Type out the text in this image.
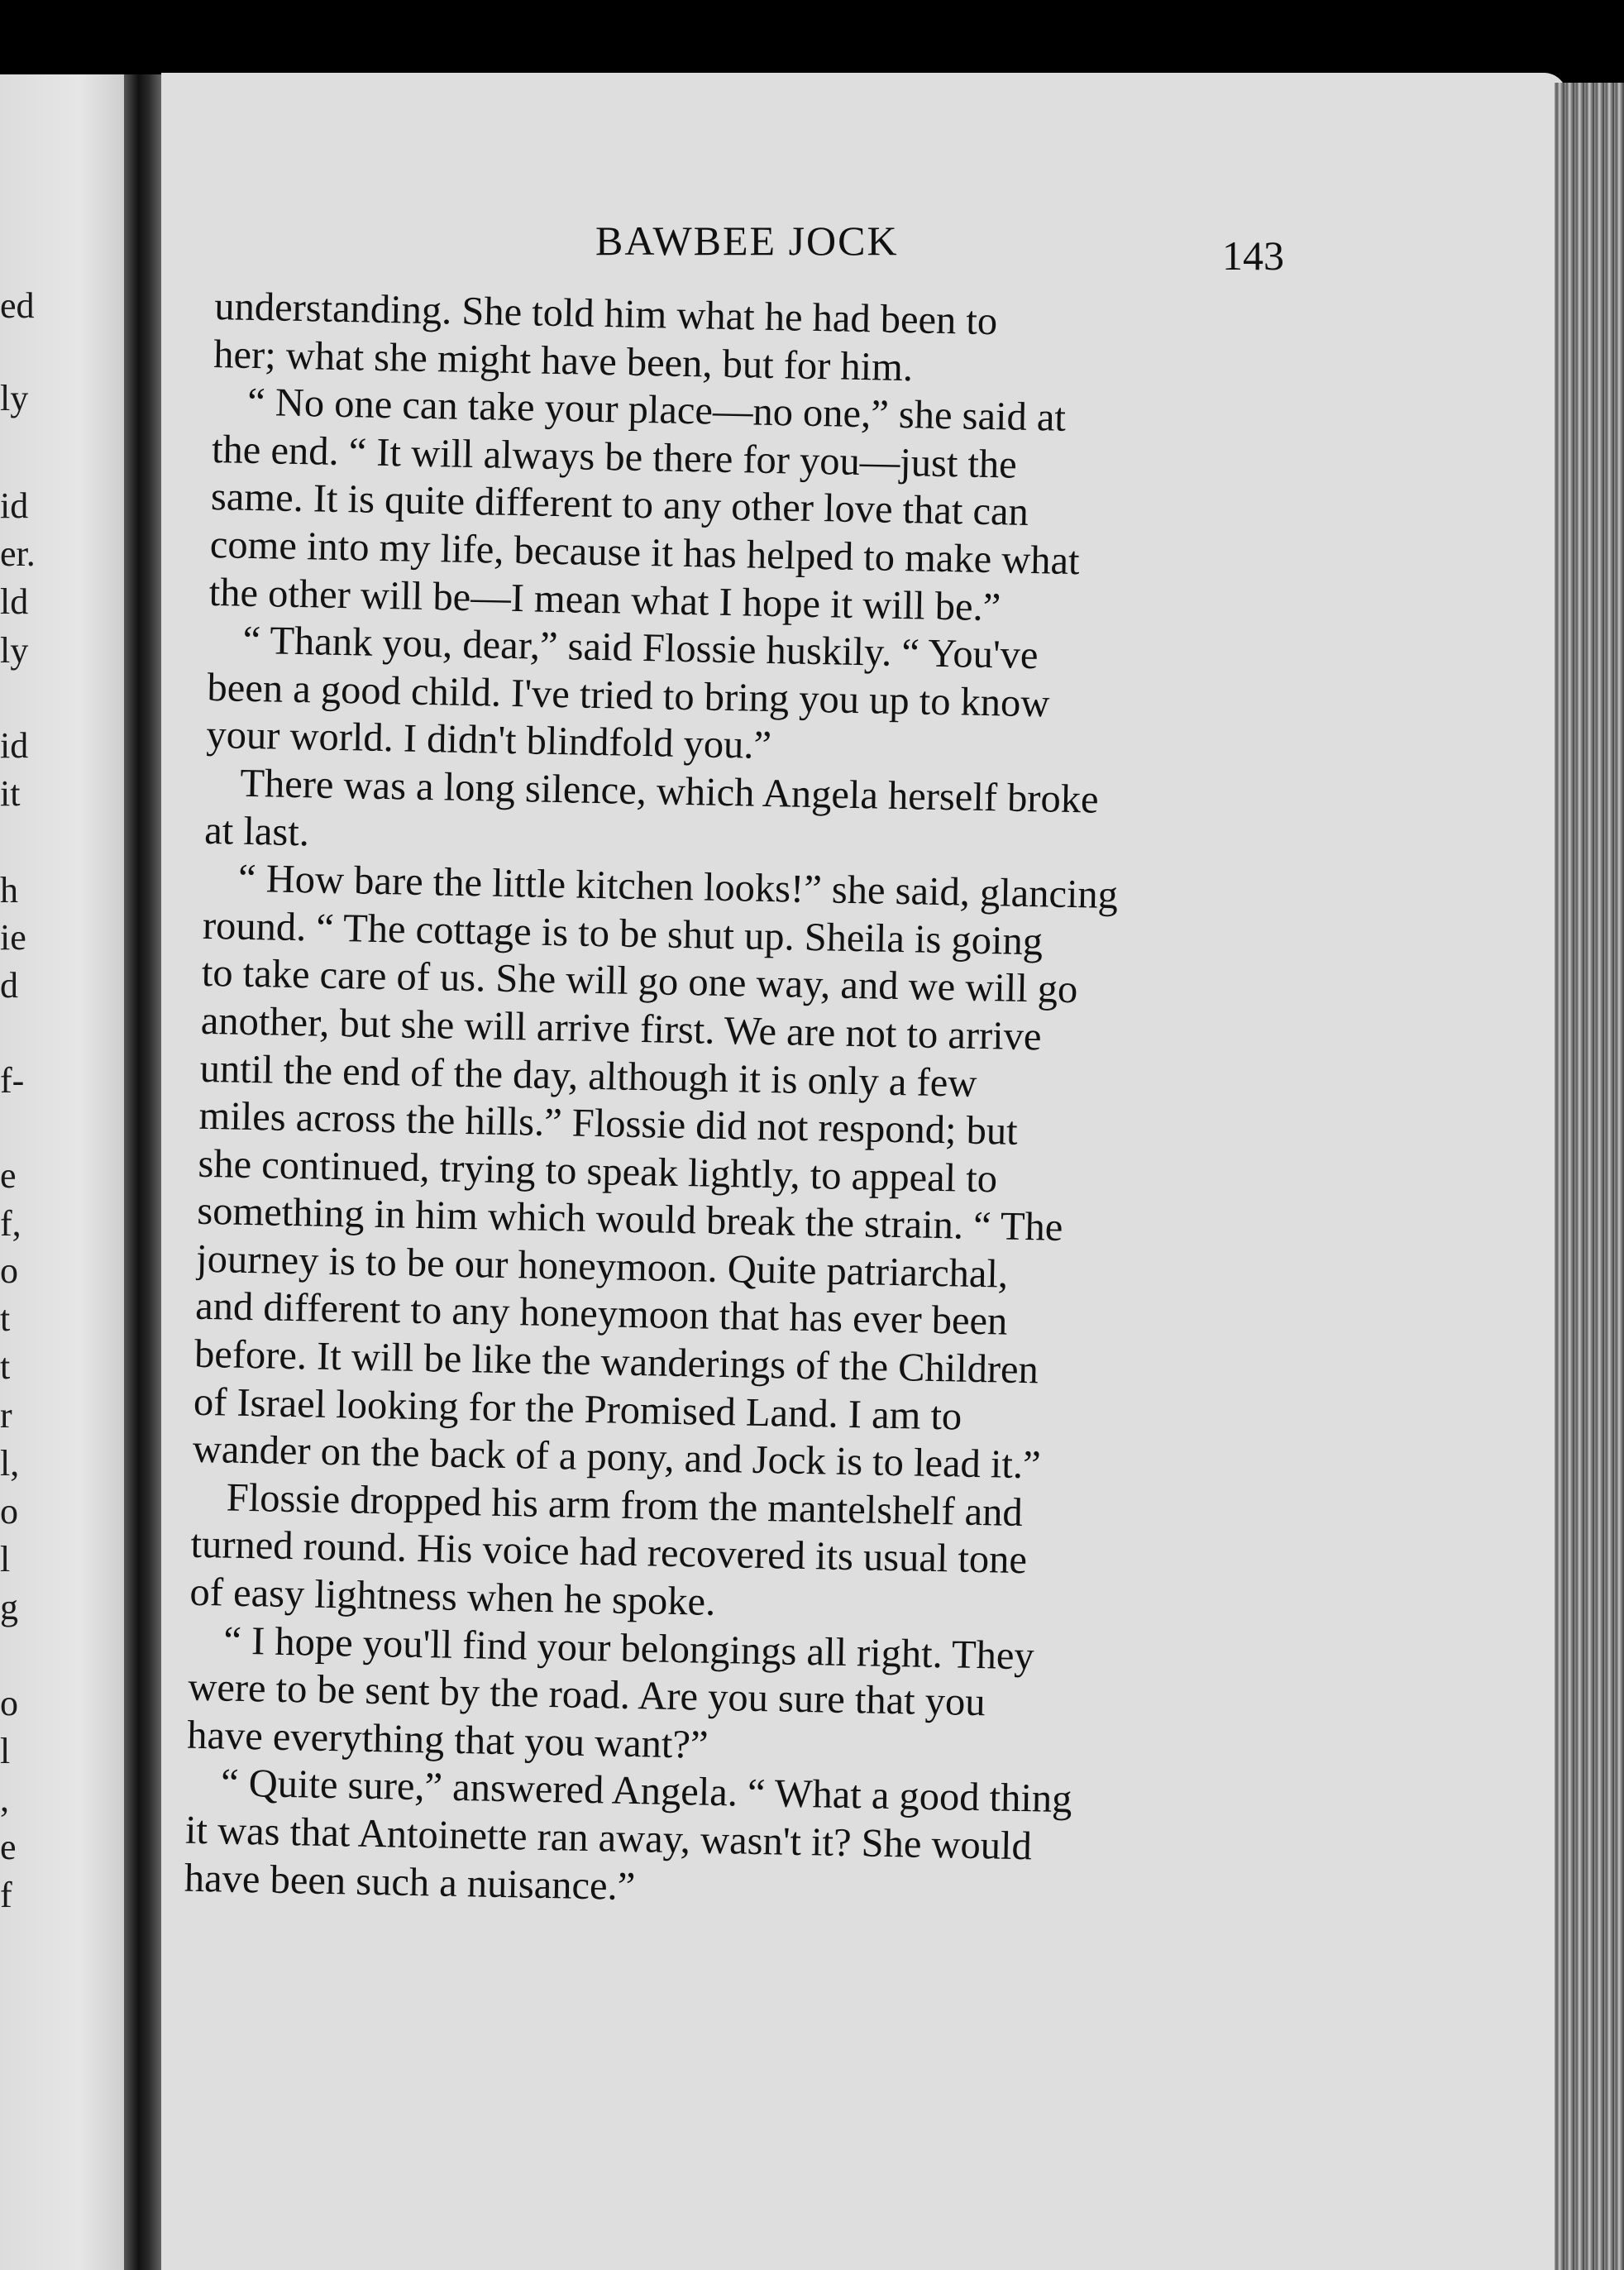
ed
ly
id
er.
ld
ly
id
it
h
ie
d
f-
e
f,
o
t
t
r
l,
o
l
g
o
l
,
e
f
BAWBEE JOCK	143
understanding. She told him what he had been to
her; what she might have been, but for him.
“ No one can take your place—no one,” she said at
the end. “ It will always be there for you—just the
same. It is quite different to any other love that can
come into my life, because it has helped to make what
the other will be—I mean what I hope it will be.”
“ Thank you, dear,” said Flossie huskily. “ You've
been a good child. I've tried to bring you up to know
your world. I didn't blindfold you.”
There was a long silence, which Angela herself broke
at last.
“ How bare the little kitchen looks!” she said, glancing
round. “ The cottage is to be shut up. Sheila is going
to take care of us. She will go one way, and we will go
another, but she will arrive first. We are not to arrive
until the end of the day, although it is only a few
miles across the hills.” Flossie did not respond; but
she continued, trying to speak lightly, to appeal to
something in him which would break the strain. “ The
journey is to be our honeymoon. Quite patriarchal,
and different to any honeymoon that has ever been
before. It will be like the wanderings of the Children
of Israel looking for the Promised Land. I am to
wander on the back of a pony, and Jock is to lead it.”
Flossie dropped his arm from the mantelshelf and
turned round. His voice had recovered its usual tone
of easy lightness when he spoke.
“ I hope you'll find your belongings all right. They
were to be sent by the road. Are you sure that you
have everything that you want?”
“ Quite sure,” answered Angela. “ What a good thing
it was that Antoinette ran away, wasn't it? She would
have been such a nuisance.”
